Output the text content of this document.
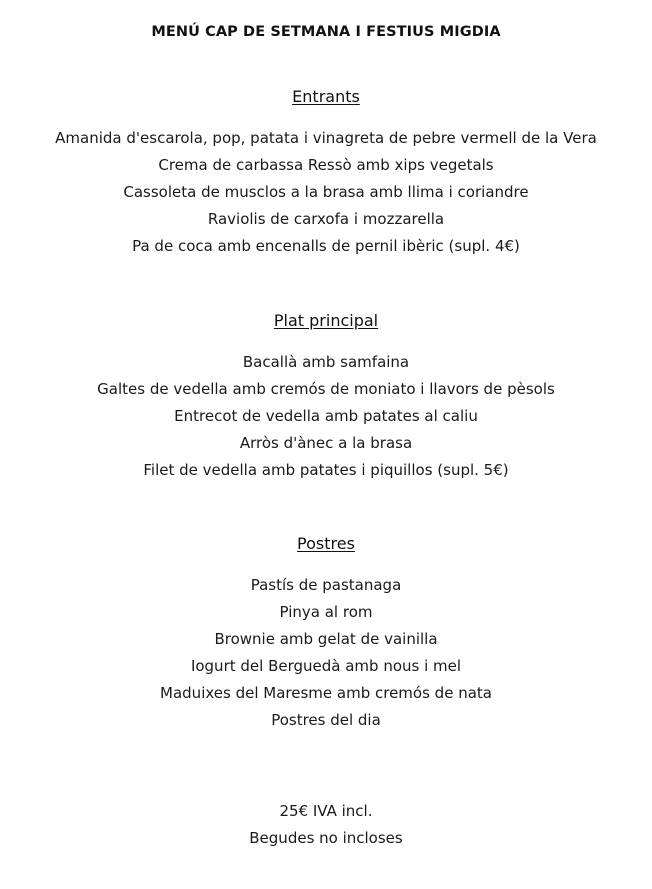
MENÚ CAP DE SETMANA I FESTIUS MIGDIA
Entrants
Amanida d'escarola, pop, patata i vinagreta de pebre vermell de la Vera
Crema de carbassa Ressò amb xips vegetals
Cassoleta de musclos a la brasa amb llima i coriandre
Raviolis de carxofa i mozzarella
Pa de coca amb encenalls de pernil ibèric (supl. 4€)
Plat principal
Bacallà amb samfaina
Galtes de vedella amb cremós de moniato i llavors de pèsols
Entrecot de vedella amb patates al caliu
Arròs d'ànec a la brasa
Filet de vedella amb patates i piquillos (supl. 5€)
Postres
Pastís de pastanaga
Pinya al rom
Brownie amb gelat de vainilla
Iogurt del Berguedà amb nous i mel
Maduixes del Maresme amb cremós de nata
Postres del dia
25€ IVA incl.
Begudes no incloses
